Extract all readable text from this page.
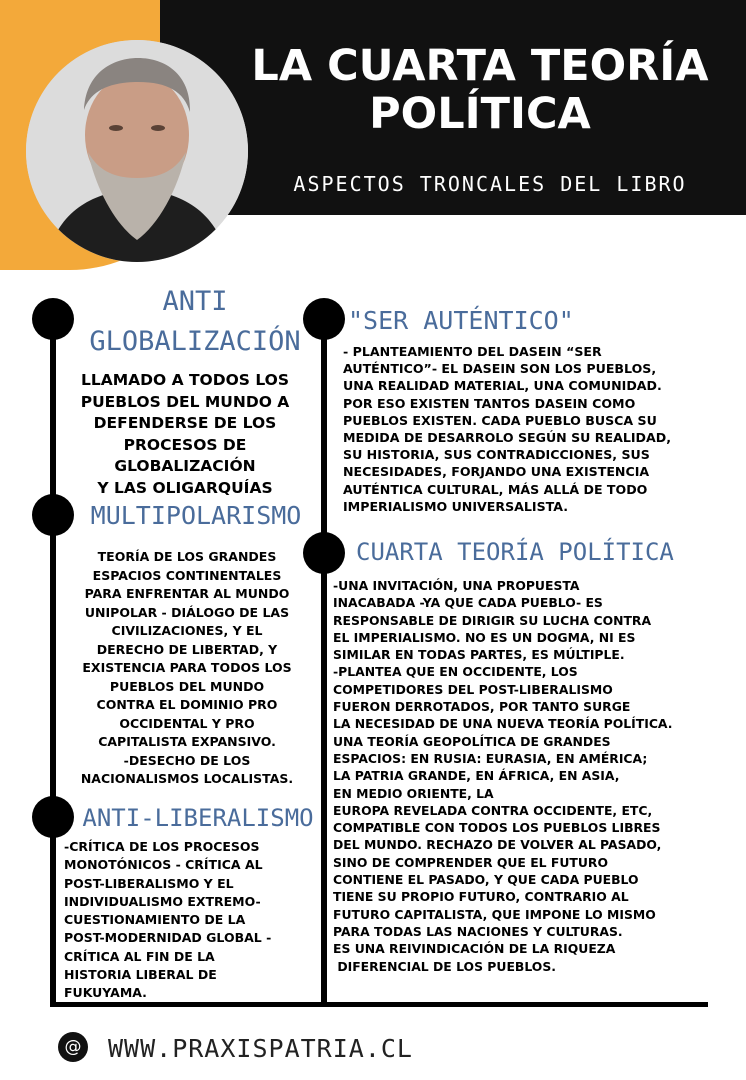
LA CUARTA TEORÍA
POLÍTICA
ASPECTOS TRONCALES DEL LIBRO
ANTI
GLOBALIZACIÓN
LLAMADO A TODOS LOS
PUEBLOS DEL MUNDO A
DEFENDERSE DE LOS
PROCESOS DE
GLOBALIZACIÓN
Y LAS OLIGARQUÍAS
MULTIPOLARISMO
TEORÍA DE LOS GRANDES
ESPACIOS CONTINENTALES
PARA ENFRENTAR AL MUNDO
UNIPOLAR - DIÁLOGO DE LAS
CIVILIZACIONES, Y EL
DERECHO DE LIBERTAD, Y
EXISTENCIA PARA TODOS LOS
PUEBLOS DEL MUNDO
CONTRA EL DOMINIO PRO
OCCIDENTAL Y PRO
CAPITALISTA EXPANSIVO.
-DESECHO DE LOS
NACIONALISMOS LOCALISTAS.
ANTI-LIBERALISMO
-CRÍTICA DE LOS PROCESOS
MONOTÓNICOS - CRÍTICA AL
POST-LIBERALISMO Y EL
INDIVIDUALISMO EXTREMO-
CUESTIONAMIENTO DE LA
POST-MODERNIDAD GLOBAL -
CRÍTICA AL FIN DE LA
HISTORIA LIBERAL DE
FUKUYAMA.
"SER AUTÉNTICO"
- PLANTEAMIENTO DEL DASEIN “SER
AUTÉNTICO”- EL DASEIN SON LOS PUEBLOS,
UNA REALIDAD MATERIAL, UNA COMUNIDAD.
POR ESO EXISTEN TANTOS DASEIN COMO
PUEBLOS EXISTEN. CADA PUEBLO BUSCA SU
MEDIDA DE DESARROLO SEGÚN SU REALIDAD,
SU HISTORIA, SUS CONTRADICCIONES, SUS
NECESIDADES, FORJANDO UNA EXISTENCIA
AUTÉNTICA CULTURAL, MÁS ALLÁ DE TODO
IMPERIALISMO UNIVERSALISTA.
CUARTA TEORÍA POLÍTICA
-UNA INVITACIÓN, UNA PROPUESTA
INACABADA -YA QUE CADA PUEBLO- ES
RESPONSABLE DE DIRIGIR SU LUCHA CONTRA
EL IMPERIALISMO. NO ES UN DOGMA, NI ES
SIMILAR EN TODAS PARTES, ES MÚLTIPLE.
-PLANTEA QUE EN OCCIDENTE, LOS
COMPETIDORES DEL POST-LIBERALISMO
FUERON DERROTADOS, POR TANTO SURGE
LA NECESIDAD DE UNA NUEVA TEORÍA POLÍTICA.
UNA TEORÍA GEOPOLÍTICA DE GRANDES
ESPACIOS: EN RUSIA: EURASIA, EN AMÉRICA;
LA PATRIA GRANDE, EN ÁFRICA, EN ASIA,
EN MEDIO ORIENTE, LA
EUROPA REVELADA CONTRA OCCIDENTE, ETC,
COMPATIBLE CON TODOS LOS PUEBLOS LIBRES
DEL MUNDO. RECHAZO DE VOLVER AL PASADO,
SINO DE COMPRENDER QUE EL FUTURO
CONTIENE EL PASADO, Y QUE CADA PUEBLO
TIENE SU PROPIO FUTURO, CONTRARIO AL
FUTURO CAPITALISTA, QUE IMPONE LO MISMO
PARA TODAS LAS NACIONES Y CULTURAS.
ES UNA REIVINDICACIÓN DE LA RIQUEZA
DIFERENCIAL DE LOS PUEBLOS.
@ WWW.PRAXISPATRIA.CL
